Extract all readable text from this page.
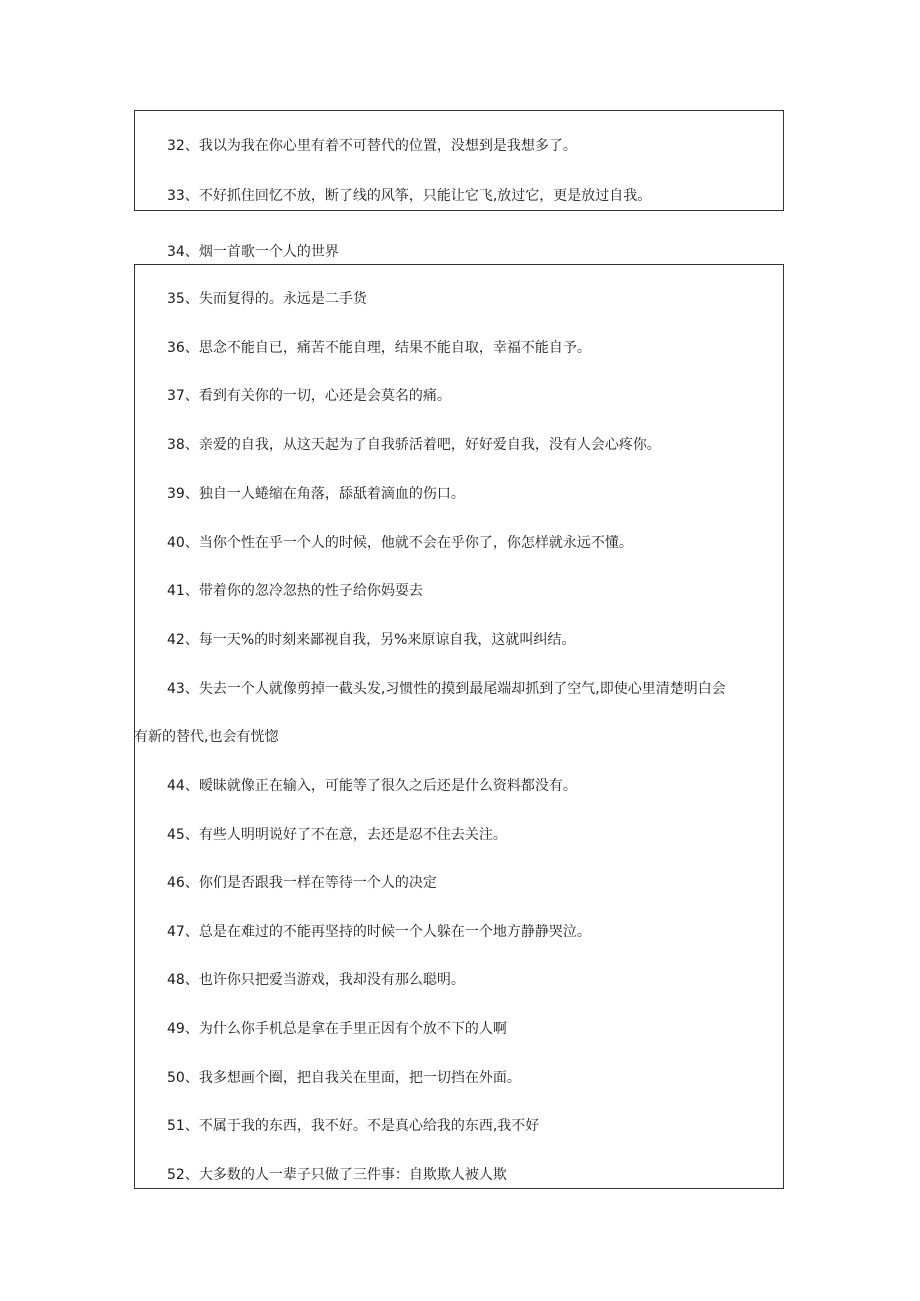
32、我以为我在你心里有着不可替代的位置，没想到是我想多了。
33、不好抓住回忆不放，断了线的风筝，只能让它飞,放过它，更是放过自我。
34、烟一首歌一个人的世界
35、失而复得的。永远是二手货
36、思念不能自已，痛苦不能自理，结果不能自取，幸福不能自予。
37、看到有关你的一切，心还是会莫名的痛。
38、亲爱的自我，从这天起为了自我骄活着吧，好好爱自我，没有人会心疼你。
39、独自一人蜷缩在角落，舔舐着滴血的伤口。
40、当你个性在乎一个人的时候，他就不会在乎你了，你怎样就永远不懂。
41、带着你的忽冷忽热的性子给你妈耍去
42、每一天%的时刻来鄙视自我，另%来原谅自我，这就叫纠结。
43、失去一个人就像剪掉一截头发,习惯性的摸到最尾端却抓到了空气,即使心里清楚明白会
有新的替代,也会有恍惚
44、暧昧就像正在输入，可能等了很久之后还是什么资料都没有。
45、有些人明明说好了不在意，去还是忍不住去关注。
46、你们是否跟我一样在等待一个人的决定
47、总是在难过的不能再坚持的时候一个人躲在一个地方静静哭泣。
48、也许你只把爱当游戏，我却没有那么聪明。
49、为什么你手机总是拿在手里正因有个放不下的人啊
50、我多想画个圈，把自我关在里面，把一切挡在外面。
51、不属于我的东西，我不好。不是真心给我的东西,我不好
52、大多数的人一辈子只做了三件事：自欺欺人被人欺
